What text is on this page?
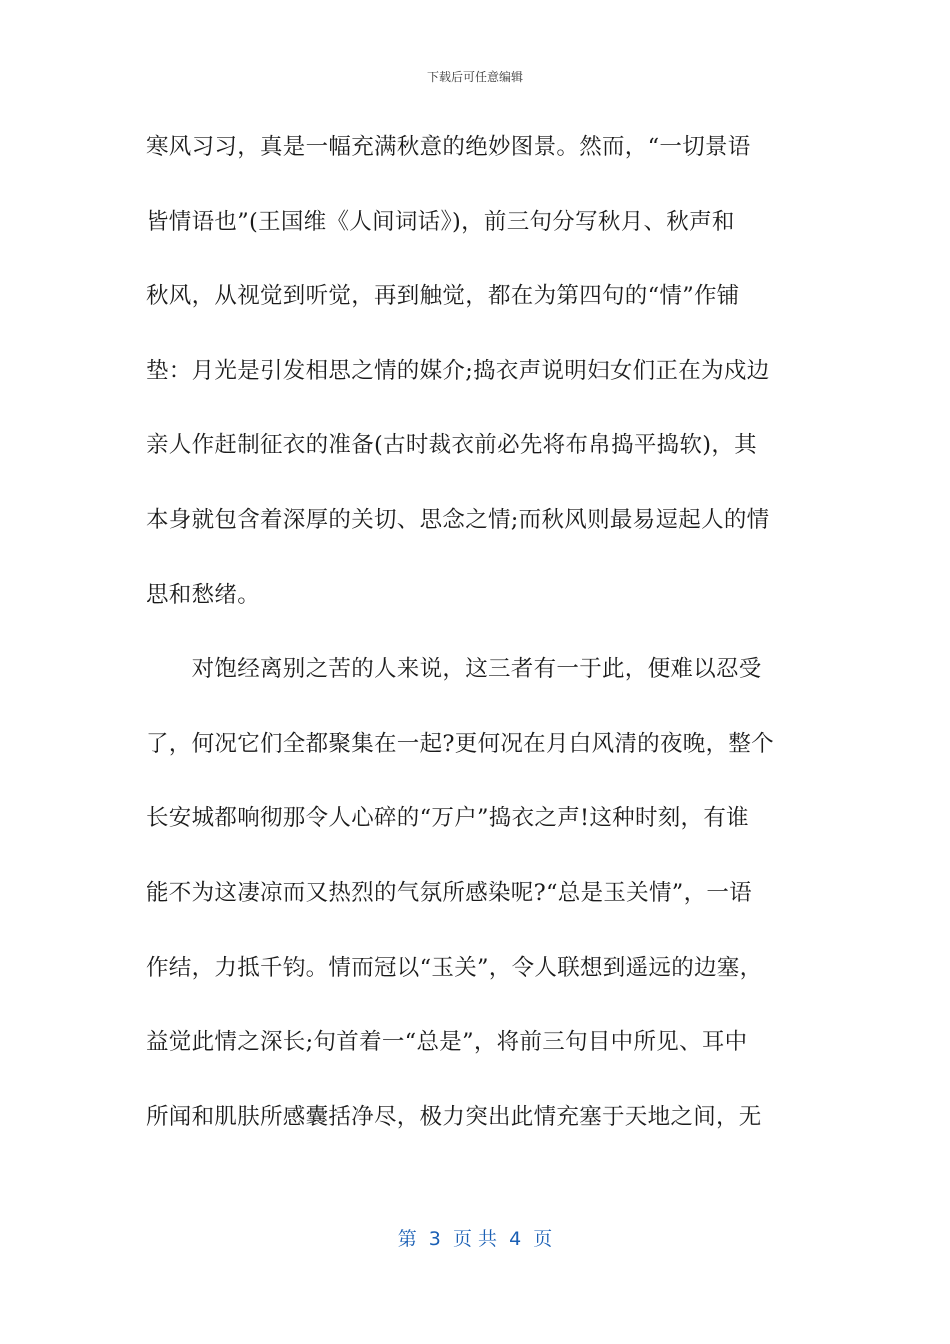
下载后可任意编辑
寒风习习，真是一幅充满秋意的绝妙图景。然而，“一切景语
皆情语也”(王国维《人间词话》)，前三句分写秋月、秋声和
秋风，从视觉到听觉，再到触觉，都在为第四句的“情”作铺
垫：月光是引发相思之情的媒介;捣衣声说明妇女们正在为戍边
亲人作赶制征衣的准备(古时裁衣前必先将布帛捣平捣软)，其
本身就包含着深厚的关切、思念之情;而秋风则最易逗起人的情
思和愁绪。
　　对饱经离别之苦的人来说，这三者有一于此，便难以忍受
了，何况它们全都聚集在一起?更何况在月白风清的夜晚，整个
长安城都响彻那令人心碎的“万户”捣衣之声!这种时刻，有谁
能不为这凄凉而又热烈的气氛所感染呢?“总是玉关情”，一语
作结，力抵千钧。情而冠以“玉关”，令人联想到遥远的边塞，
益觉此情之深长;句首着一“总是”，将前三句目中所见、耳中
所闻和肌肤所感囊括净尽，极力突出此情充塞于天地之间，无
第  3  页 共  4  页
